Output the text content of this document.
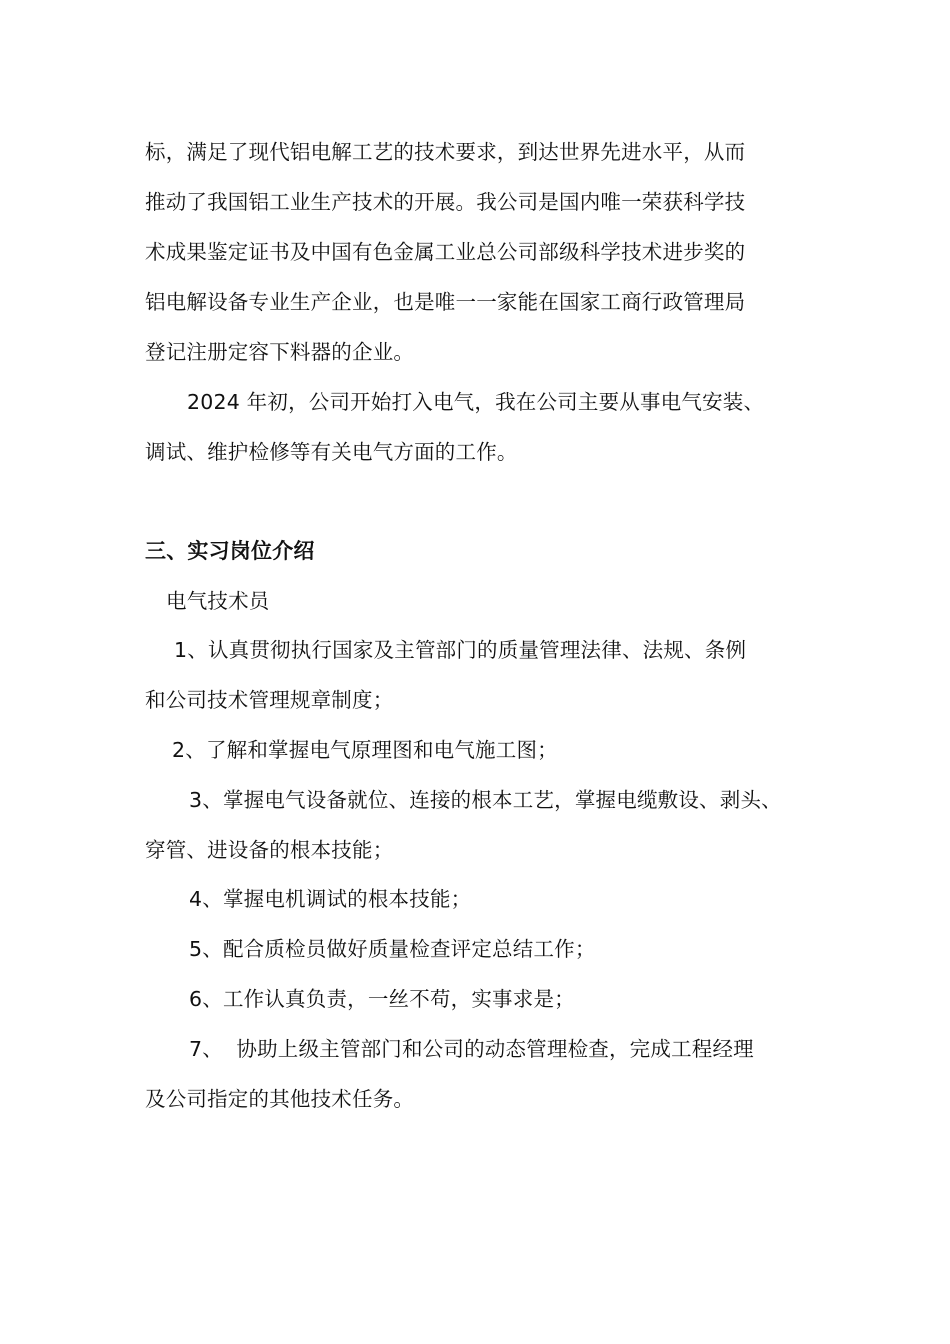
标，满足了现代铝电解工艺的技术要求，到达世界先进水平，从而
推动了我国铝工业生产技术的开展。我公司是国内唯一荣获科学技
术成果鉴定证书及中国有色金属工业总公司部级科学技术进步奖的
铝电解设备专业生产企业，也是唯一一家能在国家工商行政管理局
登记注册定容下料器的企业。
2024 年初，公司开始打入电气，我在公司主要从事电气安装、
调试、维护检修等有关电气方面的工作。
三、实习岗位介绍
电气技术员
1、认真贯彻执行国家及主管部门的质量管理法律、法规、条例
和公司技术管理规章制度；
2、了解和掌握电气原理图和电气施工图；
3、掌握电气设备就位、连接的根本工艺，掌握电缆敷设、剥头、
穿管、进设备的根本技能；
4、掌握电机调试的根本技能；
5、配合质检员做好质量检查评定总结工作；
6、工作认真负责，一丝不苟，实事求是；
7、  协助上级主管部门和公司的动态管理检查，完成工程经理
及公司指定的其他技术任务。
